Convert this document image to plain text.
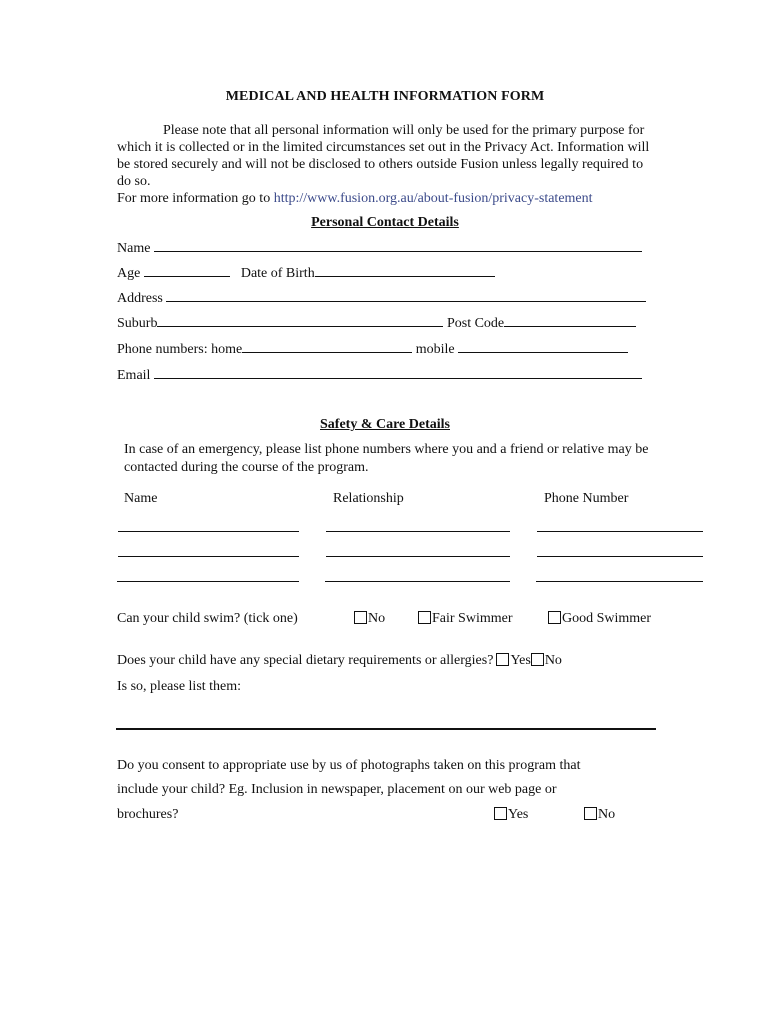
MEDICAL AND HEALTH INFORMATION FORM
Please note that all personal information will only be used for the primary purpose for which it is collected or in the limited circumstances set out in the Privacy Act. Information will be stored securely and will not be disclosed to others outside Fusion unless legally required to do so.
For more information go to http://www.fusion.org.au/about-fusion/privacy-statement
Personal Contact Details
Name
Age	Date of Birth
Address
Suburb	Post Code
Phone numbers: home	mobile
Email
Safety & Care Details
In case of an emergency, please list phone numbers where you and a friend or relative may be contacted during the course of the program.
Name	Relationship	Phone Number
Can your child swim? (tick one)	No	Fair Swimmer	Good Swimmer
Does your child have any special dietary requirements or allergies? Yes No
Is so, please list them:
Do you consent to appropriate use by us of photographs taken on this program that
include your child? Eg. Inclusion in newspaper, placement on our web page or
brochures?	Yes	No
